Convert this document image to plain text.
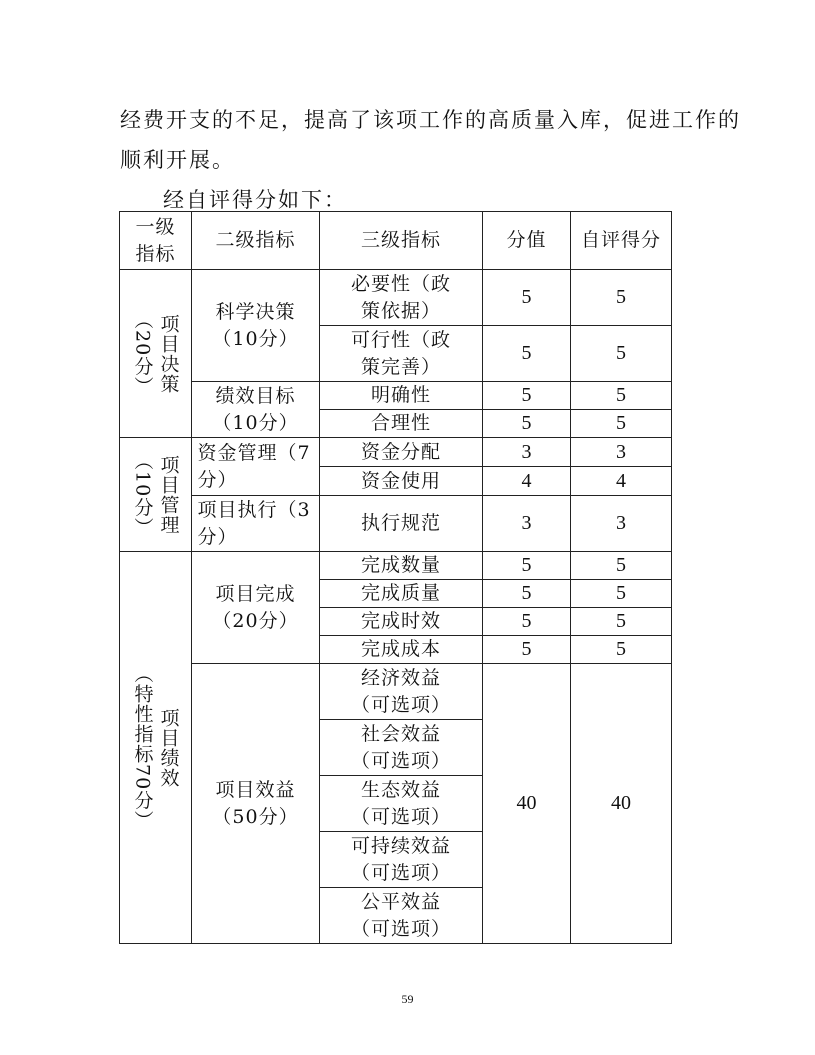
经费开支的不足，提高了该项工作的高质量入库，促进工作的

顺利开展。

经自评得分如下：

一级指标	二级指标	三级指标	分值	自评得分

项目决策
（20分）	科学决策（10分）	必要性（政策依据）	5	5

		可行性（政策完善）	5	5

	绩效目标（10分）	明确性	5	5
		合理性	5	5

项目管理
（10分）	资金管理（7分）	资金分配	3	3
		资金使用	4	4

	项目执行（3分）	执行规范	3	3

项目绩效
（特性指标70分）	项目完成（20分）	完成数量	5	5
		完成质量	5	5
		完成时效	5	5
		完成成本	5	5

	项目效益（50分）	经济效益（可选项）	40	40

		社会效益（可选项）		

		生态效益（可选项）		

		可持续效益（可选项）		

		公平效益（可选项）		
59
